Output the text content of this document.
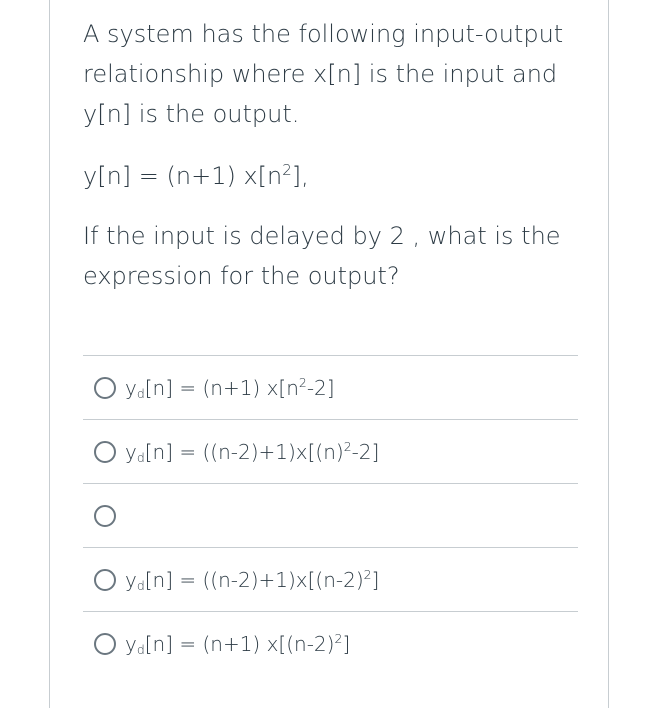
A system has the following input-output relationship where x[n] is the input and y[n] is the output.

y[n] = (n+1) $x[n^2]$,

If the input is delayed by 2 , what is the expression for the output?

$y_d[n] = (n+1)$ $x[n^2-2]$
$y_d[n] = ((n-2)+1)x[(n)^2-2]$
$y_d[n] = ((n-2)+1)x[(n-2)^2]$
$y_d[n] = (n+1)$ $x[(n-2)^2]$
